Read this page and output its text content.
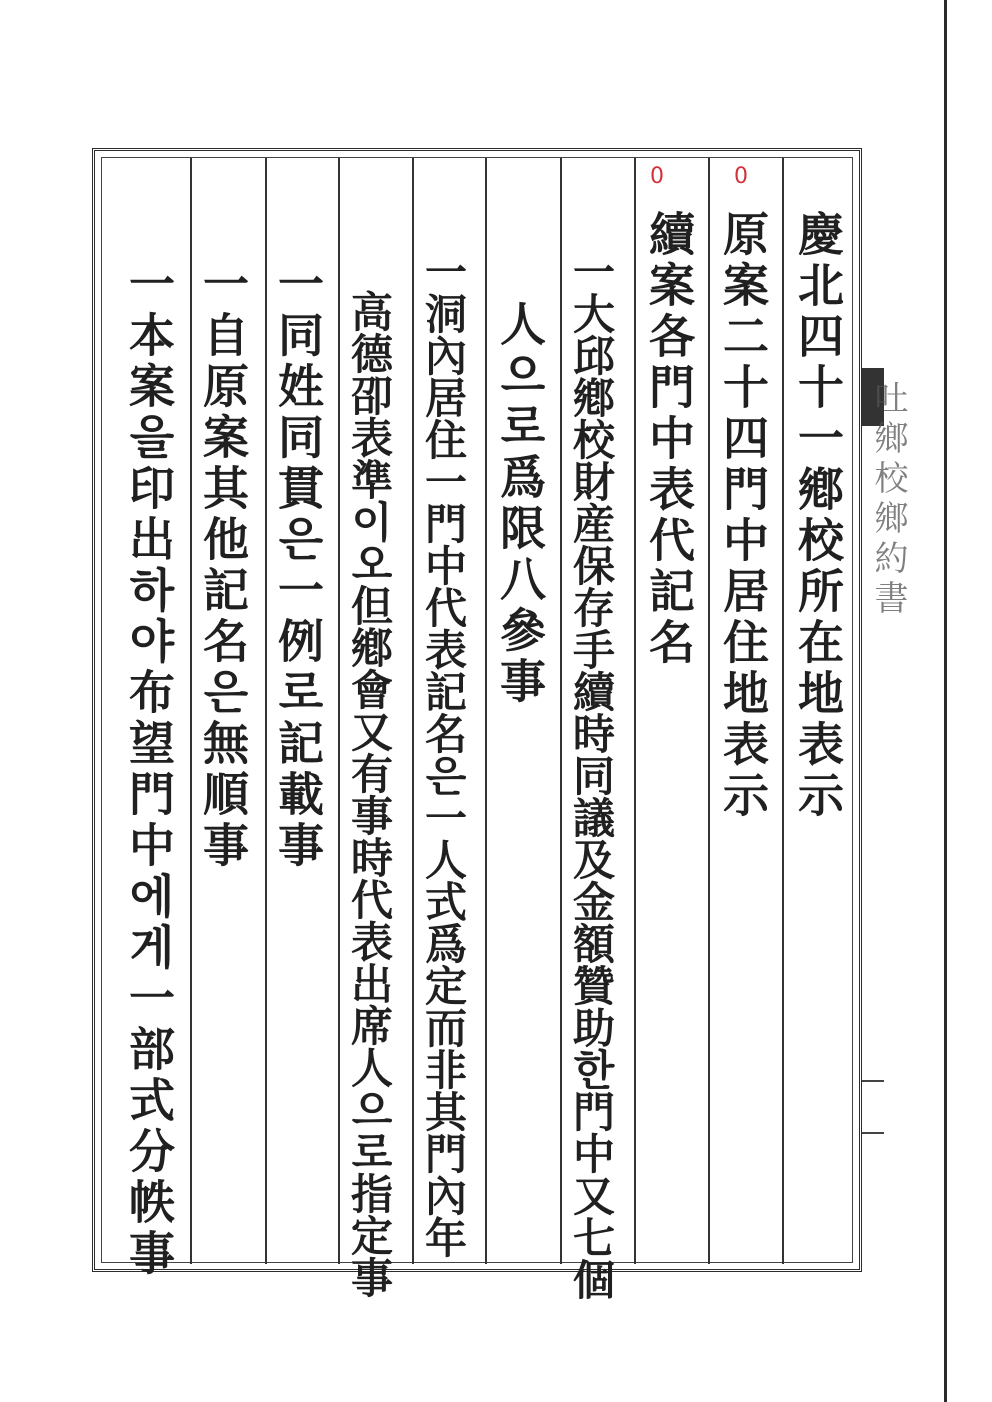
吐鄉校鄉約書
0	0
慶北四十一鄕校所在地表示
原案二十四門中居住地表示
續案各門中表代記名
一大邱鄕校財産保存手續時同議及金額贊助한門中又七個
人으로爲限八參事
一洞內居住一門中代表記名은一人式爲定而非其門內年
高德卲表準이오但鄕會又有事時代表出席人으로指定事
一同姓同貫은一例로記載事
一自原案其他記名은無順事
一本案을印出하야布望門中에게一部式分帙事
